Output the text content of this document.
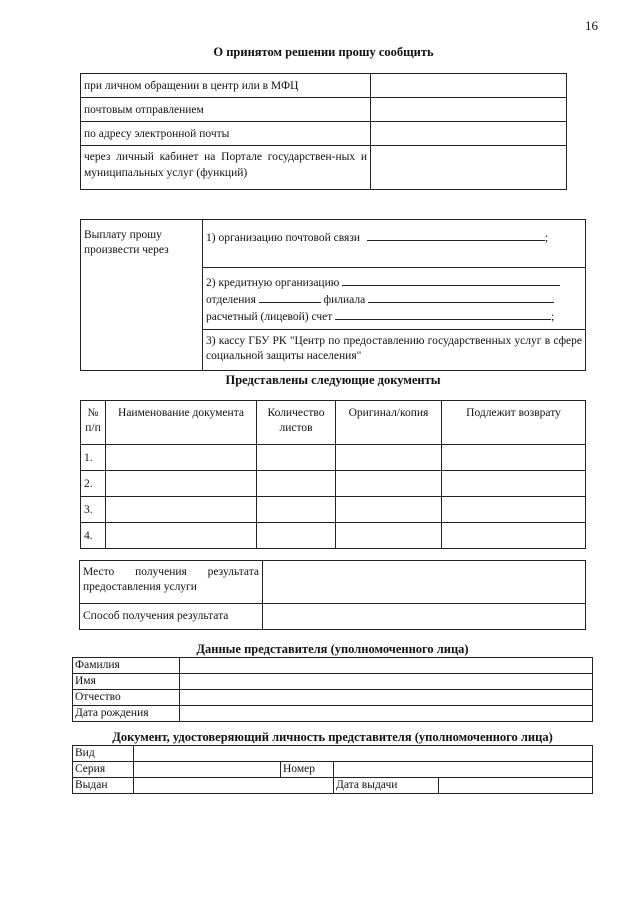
16
О принятом решении прошу сообщить
при личном обращении в центр или в МФЦ	
почтовым отправлением	
по адресу электронной почты	
через личный кабинет на Портале государствен-ных и муниципальных услуг (функций)	
Выплату прошу произвести через	1) организацию почтовой связи	;

2) кредитную организацию
отделения	филиала
расчетный (лицевой) счет	;

3) кассу ГБУ РК "Центр по предоставлению государственных услуг в сфере социальной защиты населения"
Представлены следующие документы
№ п/п	Наименование документа	Количество листов	Оригинал/копия	Подлежит возврату
1.				
2.				
3.				
4.				
Место получения результата предоставления услуги	
Способ получения результата	
Данные представителя (уполномоченного лица)
Фамилия	
Имя	
Отчество	
Дата рождения	
Документ, удостоверяющий личность представителя (уполномоченного лица)
Вид				
Серия		Номер		
Выдан			Дата выдачи	
